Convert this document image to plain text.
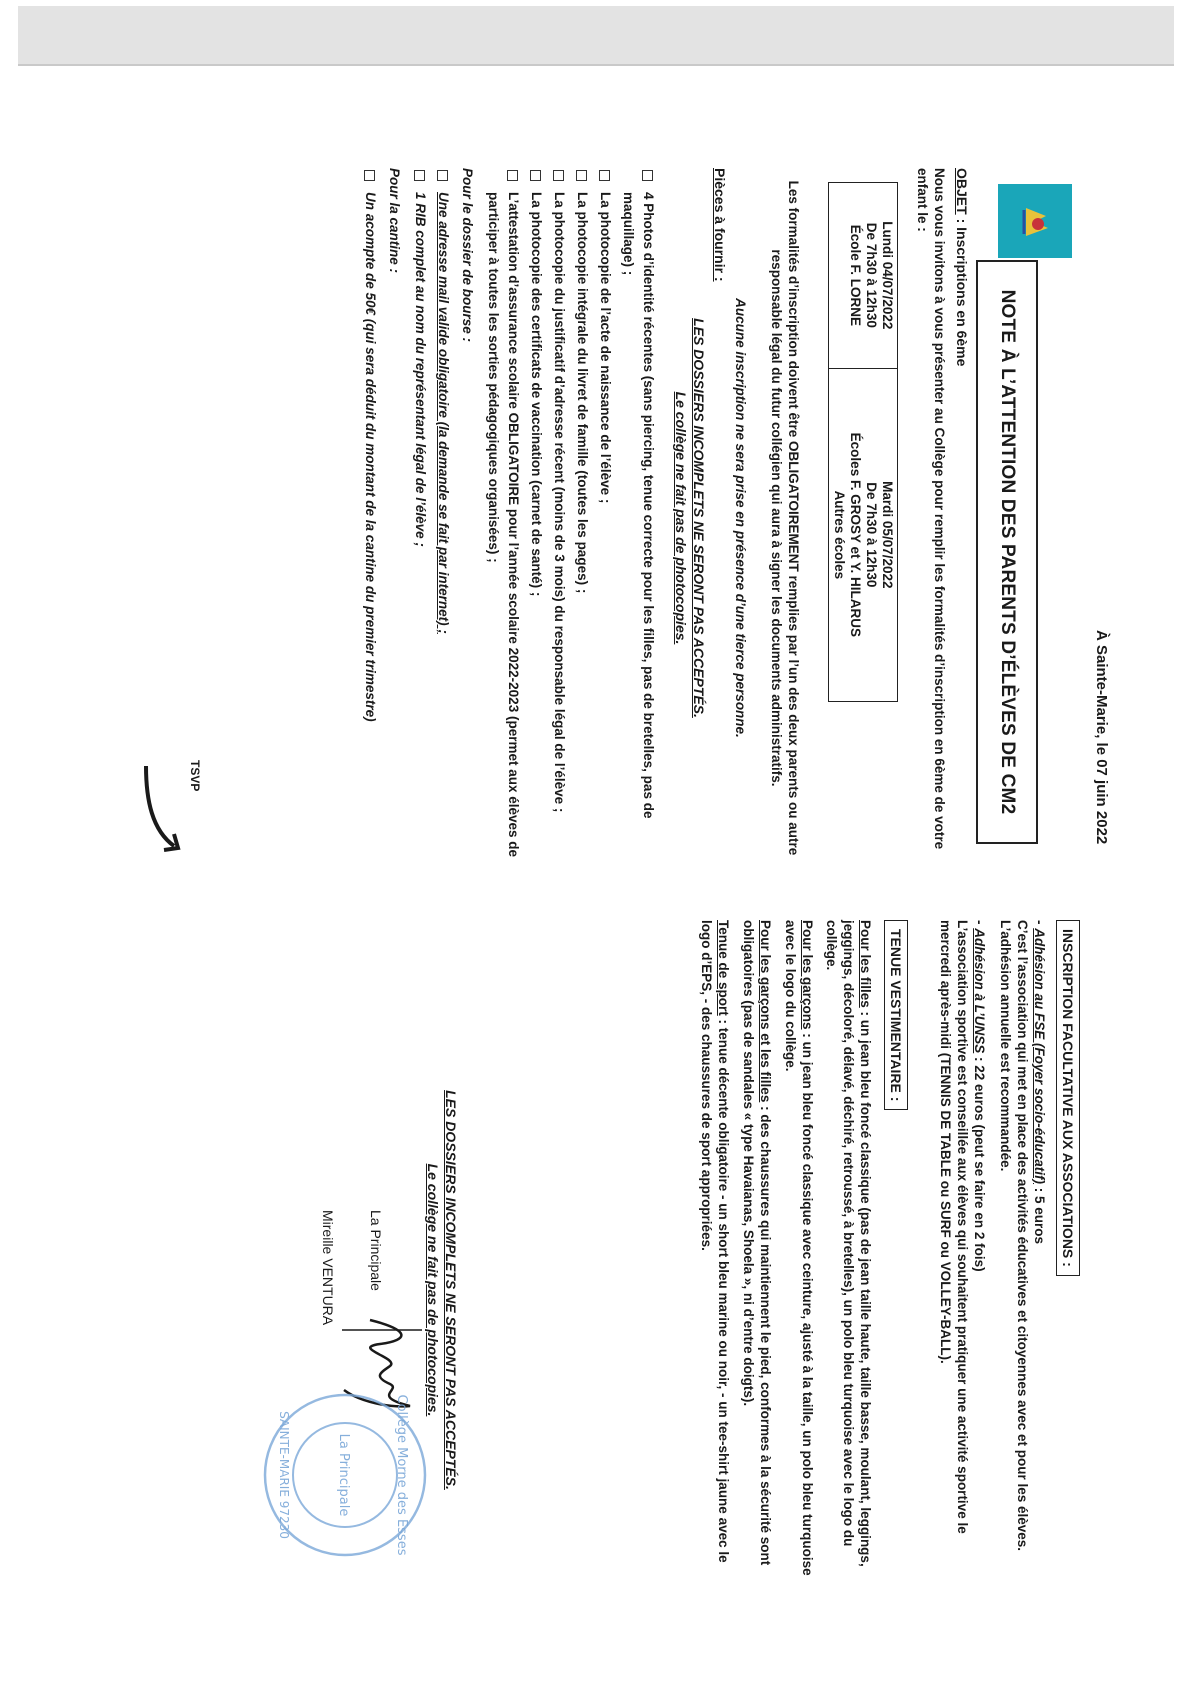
À Sainte-Marie, le 07 juin 2022
NOTE À L’ATTENTION DES PARENTS D’ÉLÈVES DE CM2
OBJET : Inscriptions en 6ème
Nous vous invitons à vous présenter au Collège pour remplir les formalités d’inscription en 6ème de votre enfant le :
Lundi 04/07/2022
De 7h30 à 12h30
École F. LORNE

Mardi 05/07/2022
De 7h30 à 12h30
Écoles F. GROSY et Y. HILARUS
Autres écoles
Les formalités d’inscription doivent être OBLIGATOIREMENT remplies par l’un des deux parents ou autre responsable légal du futur collégien qui aura à signer les documents administratifs.
Aucune inscription ne sera prise en présence d’une tierce personne.
Pièces à fournir :
LES DOSSIERS INCOMPLETS NE SERONT PAS ACCEPTÉS.
Le collège ne fait pas de photocopies.
4 Photos d’identité récentes (sans piercing, tenue correcte pour les filles, pas de bretelles, pas de maquillage) ;
La photocopie de l’acte de naissance de l’élève ;
La photocopie intégrale du livret de famille (toutes les pages) ;
La photocopie du justificatif d’adresse récent (moins de 3 mois) du responsable légal de l’élève ;
La photocopie des certificats de vaccination (carnet de santé) ;
L’attestation d’assurance scolaire OBLIGATOIRE pour l’année scolaire 2022-2023 (permet aux élèves de participer à toutes les sorties pédagogiques organisées) ;
Pour le dossier de bourse :
Une adresse mail valide obligatoire (la demande se fait par internet) ;
1 RIB complet au nom du représentant légal de l’élève ;
Pour la cantine :
Un acompte de 50€ (qui sera déduit du montant de la cantine du premier trimestre)
TSVP
INSCRIPTION FACULTATIVE AUX ASSOCIATIONS :
- Adhésion au FSE (Foyer socio-éducatif) : 5 euros
C’est l’association qui met en place des activités éducatives et citoyennes avec et pour les élèves. L’adhésion annuelle est recommandée.
- Adhésion à L’UNSS : 22 euros (peut se faire en 2 fois)
L’association sportive est conseillée aux élèves qui souhaitent pratiquer une activité sportive le mercredi après-midi (TENNIS DE TABLE ou SURF ou VOLLEY-BALL).
TENUE VESTIMENTAIRE :
Pour les filles : un jean bleu foncé classique (pas de jean taille haute, taille basse, moulant, leggings, jeggings, décoloré, délavé, déchiré, retroussé, à bretelles), un polo bleu turquoise avec le logo du collège.
Pour les garçons : un jean bleu foncé classique avec ceinture, ajusté à la taille, un polo bleu turquoise avec le logo du collège.
Pour les garçons et les filles : des chaussures qui maintiennent le pied, conformes à la sécurité sont obligatoires (pas de sandales « type Havaianas, Shoela », ni d’entre doigts).
Tenue de sport : tenue décente obligatoire - un short bleu marine ou noir, - un tee-shirt jaune avec le logo d’EPS, - des chaussures de sport appropriées.
LES DOSSIERS INCOMPLETS NE SERONT PAS ACCEPTÉS.
Le collège ne fait pas de photocopies.
La Principale
Mireille VENTURA
Collège Morne des Esses
La Principale
SAINTE-MARIE 97230
